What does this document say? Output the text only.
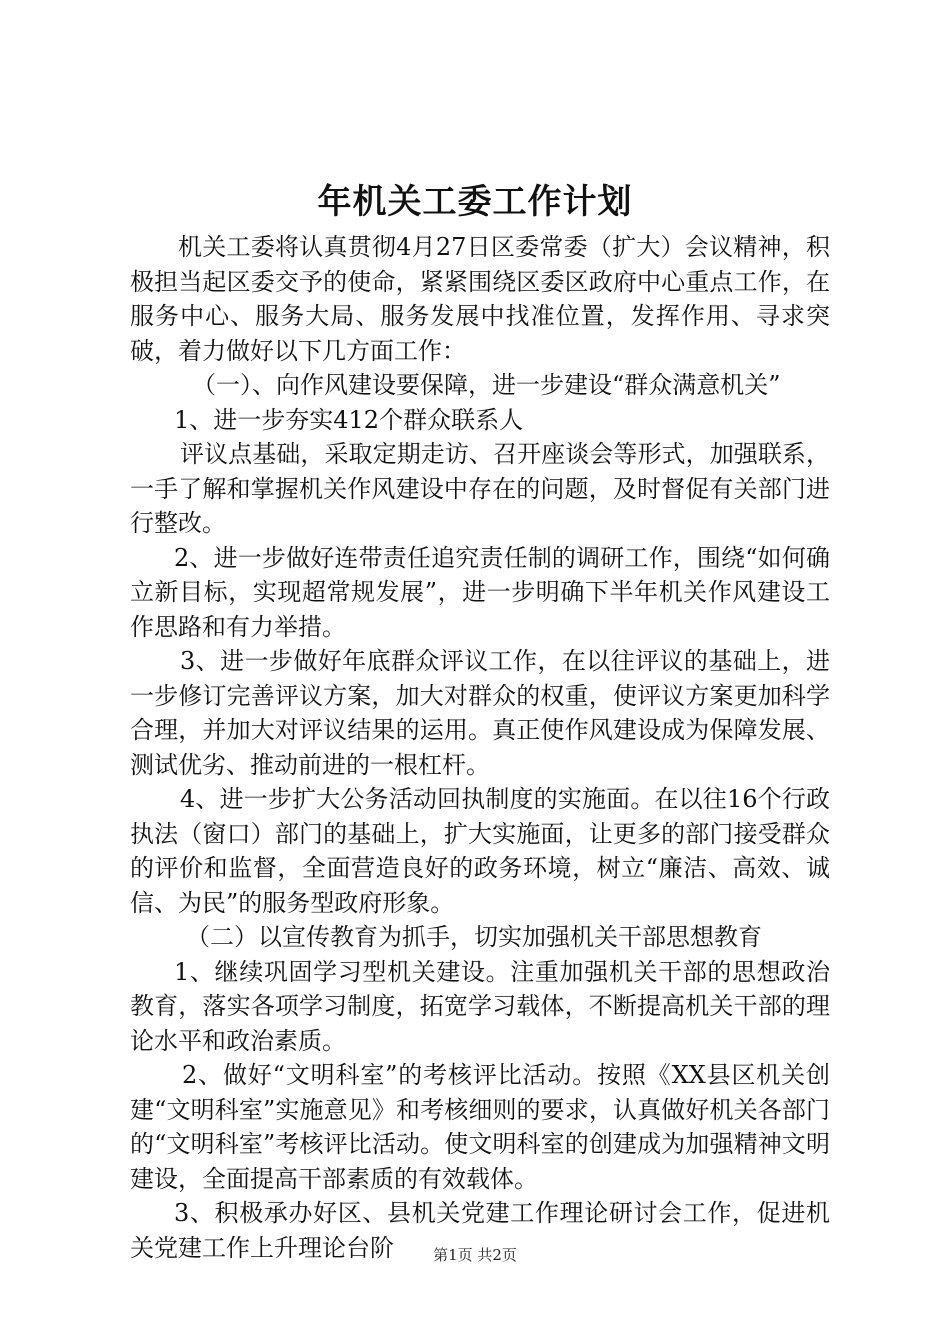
年机关工委工作计划

机关工委将认真贯彻4月27日区委常委（扩大）会议精神，积极担当起区委交予的使命，紧紧围绕区委区政府中心重点工作，在服务中心、服务大局、服务发展中找准位置，发挥作用、寻求突破，着力做好以下几方面工作：

（一）、向作风建设要保障，进一步建设“群众满意机关”

1、进一步夯实412个群众联系人

评议点基础，采取定期走访、召开座谈会等形式，加强联系，一手了解和掌握机关作风建设中存在的问题，及时督促有关部门进行整改。

2、进一步做好连带责任追究责任制的调研工作，围绕“如何确立新目标，实现超常规发展”，进一步明确下半年机关作风建设工作思路和有力举措。

3、进一步做好年底群众评议工作，在以往评议的基础上，进一步修订完善评议方案，加大对群众的权重，使评议方案更加科学合理，并加大对评议结果的运用。真正使作风建设成为保障发展、测试优劣、推动前进的一根杠杆。

4、进一步扩大公务活动回执制度的实施面。在以往16个行政执法（窗口）部门的基础上，扩大实施面，让更多的部门接受群众的评价和监督，全面营造良好的政务环境，树立“廉洁、高效、诚信、为民”的服务型政府形象。

（二）以宣传教育为抓手，切实加强机关干部思想教育

1、继续巩固学习型机关建设。注重加强机关干部的思想政治教育，落实各项学习制度，拓宽学习载体，不断提高机关干部的理论水平和政治素质。

2、做好“文明科室”的考核评比活动。按照《XX县区机关创建“文明科室”实施意见》和考核细则的要求，认真做好机关各部门的“文明科室”考核评比活动。使文明科室的创建成为加强精神文明建设，全面提高干部素质的有效载体。

3、积极承办好区、县机关党建工作理论研讨会工作，促进机关党建工作上升理论台阶	第1页 共2页
